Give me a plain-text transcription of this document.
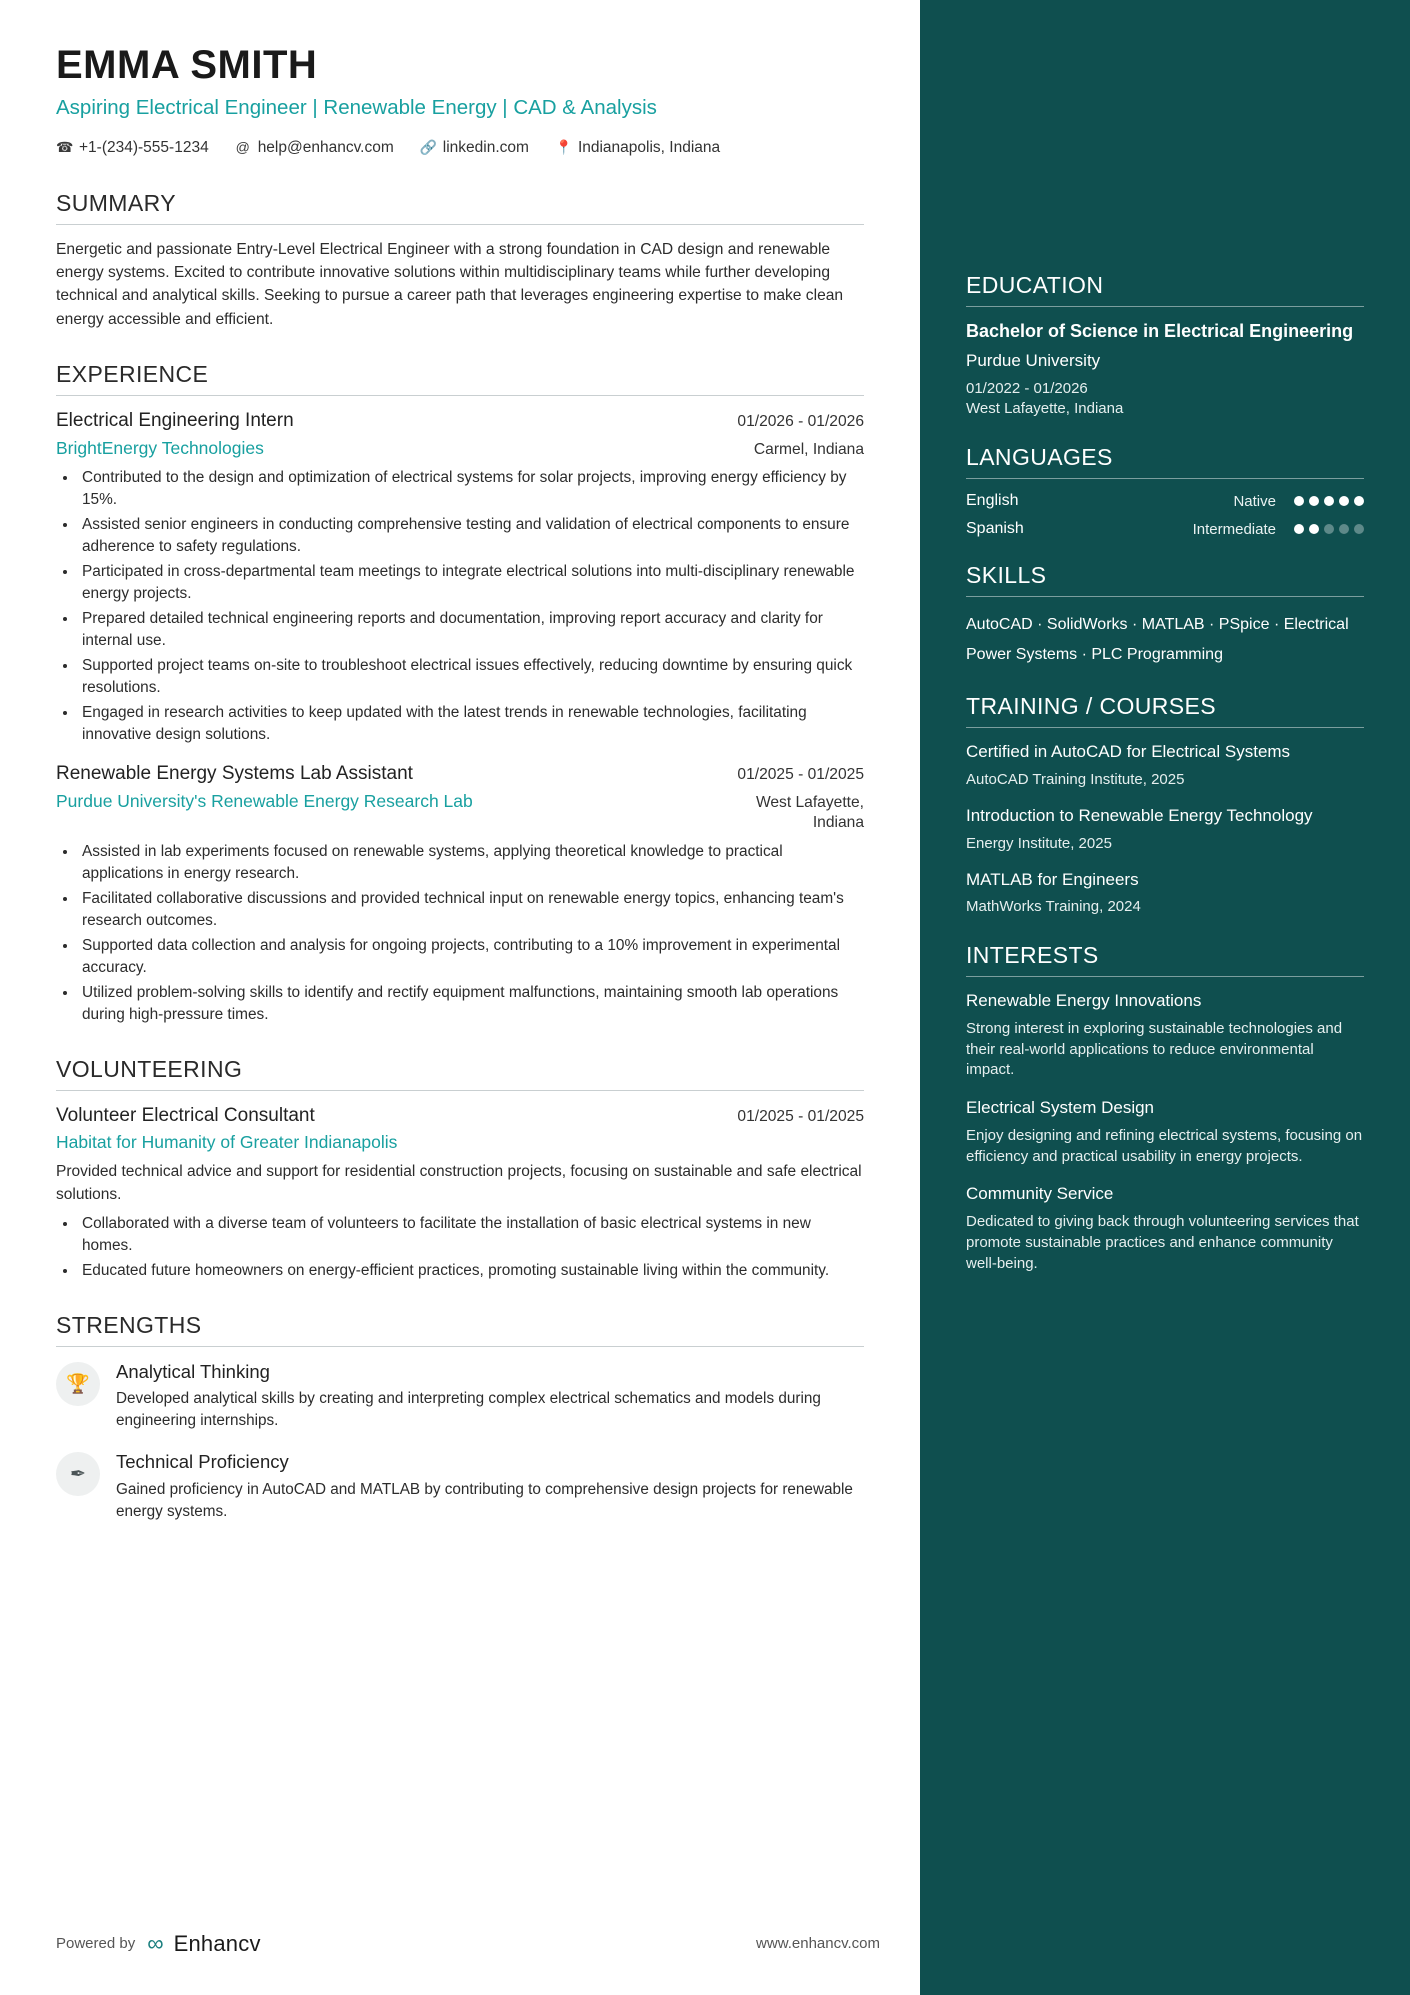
EMMA SMITH
Aspiring Electrical Engineer | Renewable Energy | CAD & Analysis
☎ +1-(234)-555-1234 @ help@enhancv.com 🔗 linkedin.com 📍 Indianapolis, Indiana
SUMMARY
Energetic and passionate Entry-Level Electrical Engineer with a strong foundation in CAD design and renewable energy systems. Excited to contribute innovative solutions within multidisciplinary teams while further developing technical and analytical skills. Seeking to pursue a career path that leverages engineering expertise to make clean energy accessible and efficient.
EXPERIENCE
Electrical Engineering Intern	01/2026 - 01/2026
BrightEnergy Technologies	Carmel, Indiana
• Contributed to the design and optimization of electrical systems for solar projects, improving energy efficiency by 15%.
• Assisted senior engineers in conducting comprehensive testing and validation of electrical components to ensure adherence to safety regulations.
• Participated in cross-departmental team meetings to integrate electrical solutions into multi-disciplinary renewable energy projects.
• Prepared detailed technical engineering reports and documentation, improving report accuracy and clarity for internal use.
• Supported project teams on-site to troubleshoot electrical issues effectively, reducing downtime by ensuring quick resolutions.
• Engaged in research activities to keep updated with the latest trends in renewable technologies, facilitating innovative design solutions.
Renewable Energy Systems Lab Assistant	01/2025 - 01/2025
Purdue University's Renewable Energy Research Lab	West Lafayette, Indiana
• Assisted in lab experiments focused on renewable systems, applying theoretical knowledge to practical applications in energy research.
• Facilitated collaborative discussions and provided technical input on renewable energy topics, enhancing team's research outcomes.
• Supported data collection and analysis for ongoing projects, contributing to a 10% improvement in experimental accuracy.
• Utilized problem-solving skills to identify and rectify equipment malfunctions, maintaining smooth lab operations during high-pressure times.
VOLUNTEERING
Volunteer Electrical Consultant	01/2025 - 01/2025
Habitat for Humanity of Greater Indianapolis
Provided technical advice and support for residential construction projects, focusing on sustainable and safe electrical solutions.
• Collaborated with a diverse team of volunteers to facilitate the installation of basic electrical systems in new homes.
• Educated future homeowners on energy-efficient practices, promoting sustainable living within the community.
STRENGTHS
🏆
Analytical Thinking
Developed analytical skills by creating and interpreting complex electrical schematics and models during engineering internships.
✒
Technical Proficiency
Gained proficiency in AutoCAD and MATLAB by contributing to comprehensive design projects for renewable energy systems.
Powered by ∞ Enhancv	www.enhancv.com
EDUCATION
Bachelor of Science in Electrical Engineering
Purdue University
01/2022 - 01/2026
West Lafayette, Indiana
LANGUAGES
English	Native
Spanish	Intermediate
SKILLS
AutoCAD · SolidWorks · MATLAB · PSpice · Electrical Power Systems · PLC Programming
TRAINING / COURSES
Certified in AutoCAD for Electrical Systems
AutoCAD Training Institute, 2025
Introduction to Renewable Energy Technology
Energy Institute, 2025
MATLAB for Engineers
MathWorks Training, 2024
INTERESTS
Renewable Energy Innovations
Strong interest in exploring sustainable technologies and their real-world applications to reduce environmental impact.
Electrical System Design
Enjoy designing and refining electrical systems, focusing on efficiency and practical usability in energy projects.
Community Service
Dedicated to giving back through volunteering services that promote sustainable practices and enhance community well-being.
